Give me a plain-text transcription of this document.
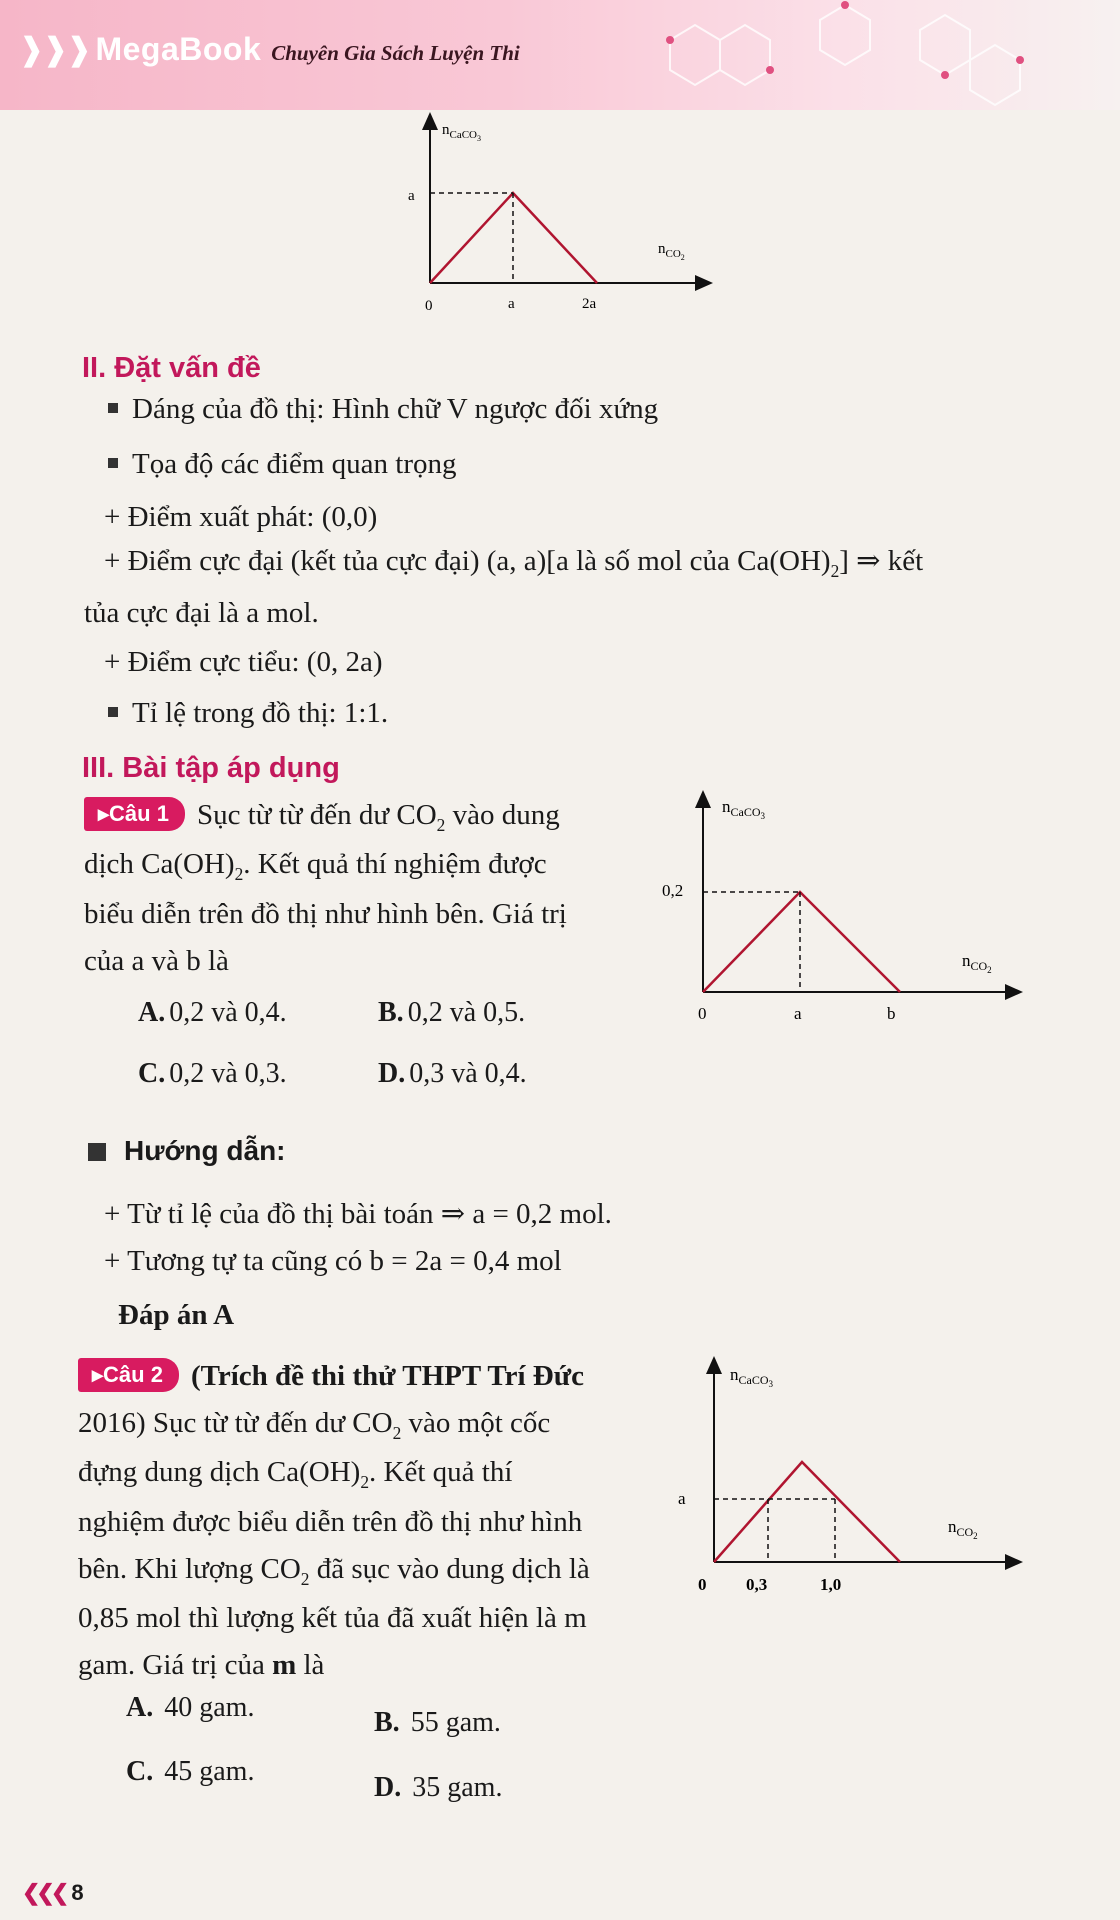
❱❱❱ MegaBook Chuyên Gia Sách Luyện Thi
$n_{CaCO3}$
a
$n_{CO2}$
0	a	2a
II. Đặt vấn đề
Dáng của đồ thị: Hình chữ V ngược đối xứng
Tọa độ các điểm quan trọng
+ Điểm xuất phát: (0,0)
+ Điểm cực đại (kết tủa cực đại) (a, a)[a là số mol của $Ca(OH)_2$] ⇒ kết
tủa cực đại là a mol.
+ Điểm cực tiểu: (0, 2a)
Tỉ lệ trong đồ thị: 1:1.
III. Bài tập áp dụng
▸ Câu 1 Sục từ từ đến dư $CO_2$ vào dung
dịch $Ca(OH)_2$. Kết quả thí nghiệm được
biểu diễn trên đồ thị như hình bên. Giá trị
của a và b là
A. 0,2 và 0,4.	B. 0,2 và 0,5.
C. 0,2 và 0,3.	D. 0,3 và 0,4.
$n_{CaCO}3$
0,2
$n_{CO}2$
0	a	b
Hướng dẫn:
+ Từ tỉ lệ của đồ thị bài toán ⇒ a = 0,2 mol.
+ Tương tự ta cũng có b = 2a = 0,4 mol
Đáp án A
▸ Câu 2 (Trích đề thi thử THPT Trí Đức
2016) Sục từ từ đến dư $CO_2$ vào một cốc
đựng dung dịch $Ca(OH)_2$. Kết quả thí
nghiệm được biểu diễn trên đồ thị như hình
bên. Khi lượng $CO_2$ đã sục vào dung dịch là
0,85 mol thì lượng kết tủa đã xuất hiện là m
gam. Giá trị của m là
A. 40 gam.	B. 55 gam.
C. 45 gam.
D. 35 gam.
$n_{CaCO}3$
a
$n_{CO}2$
0 0,3	1,0
❮❮❮ 8
